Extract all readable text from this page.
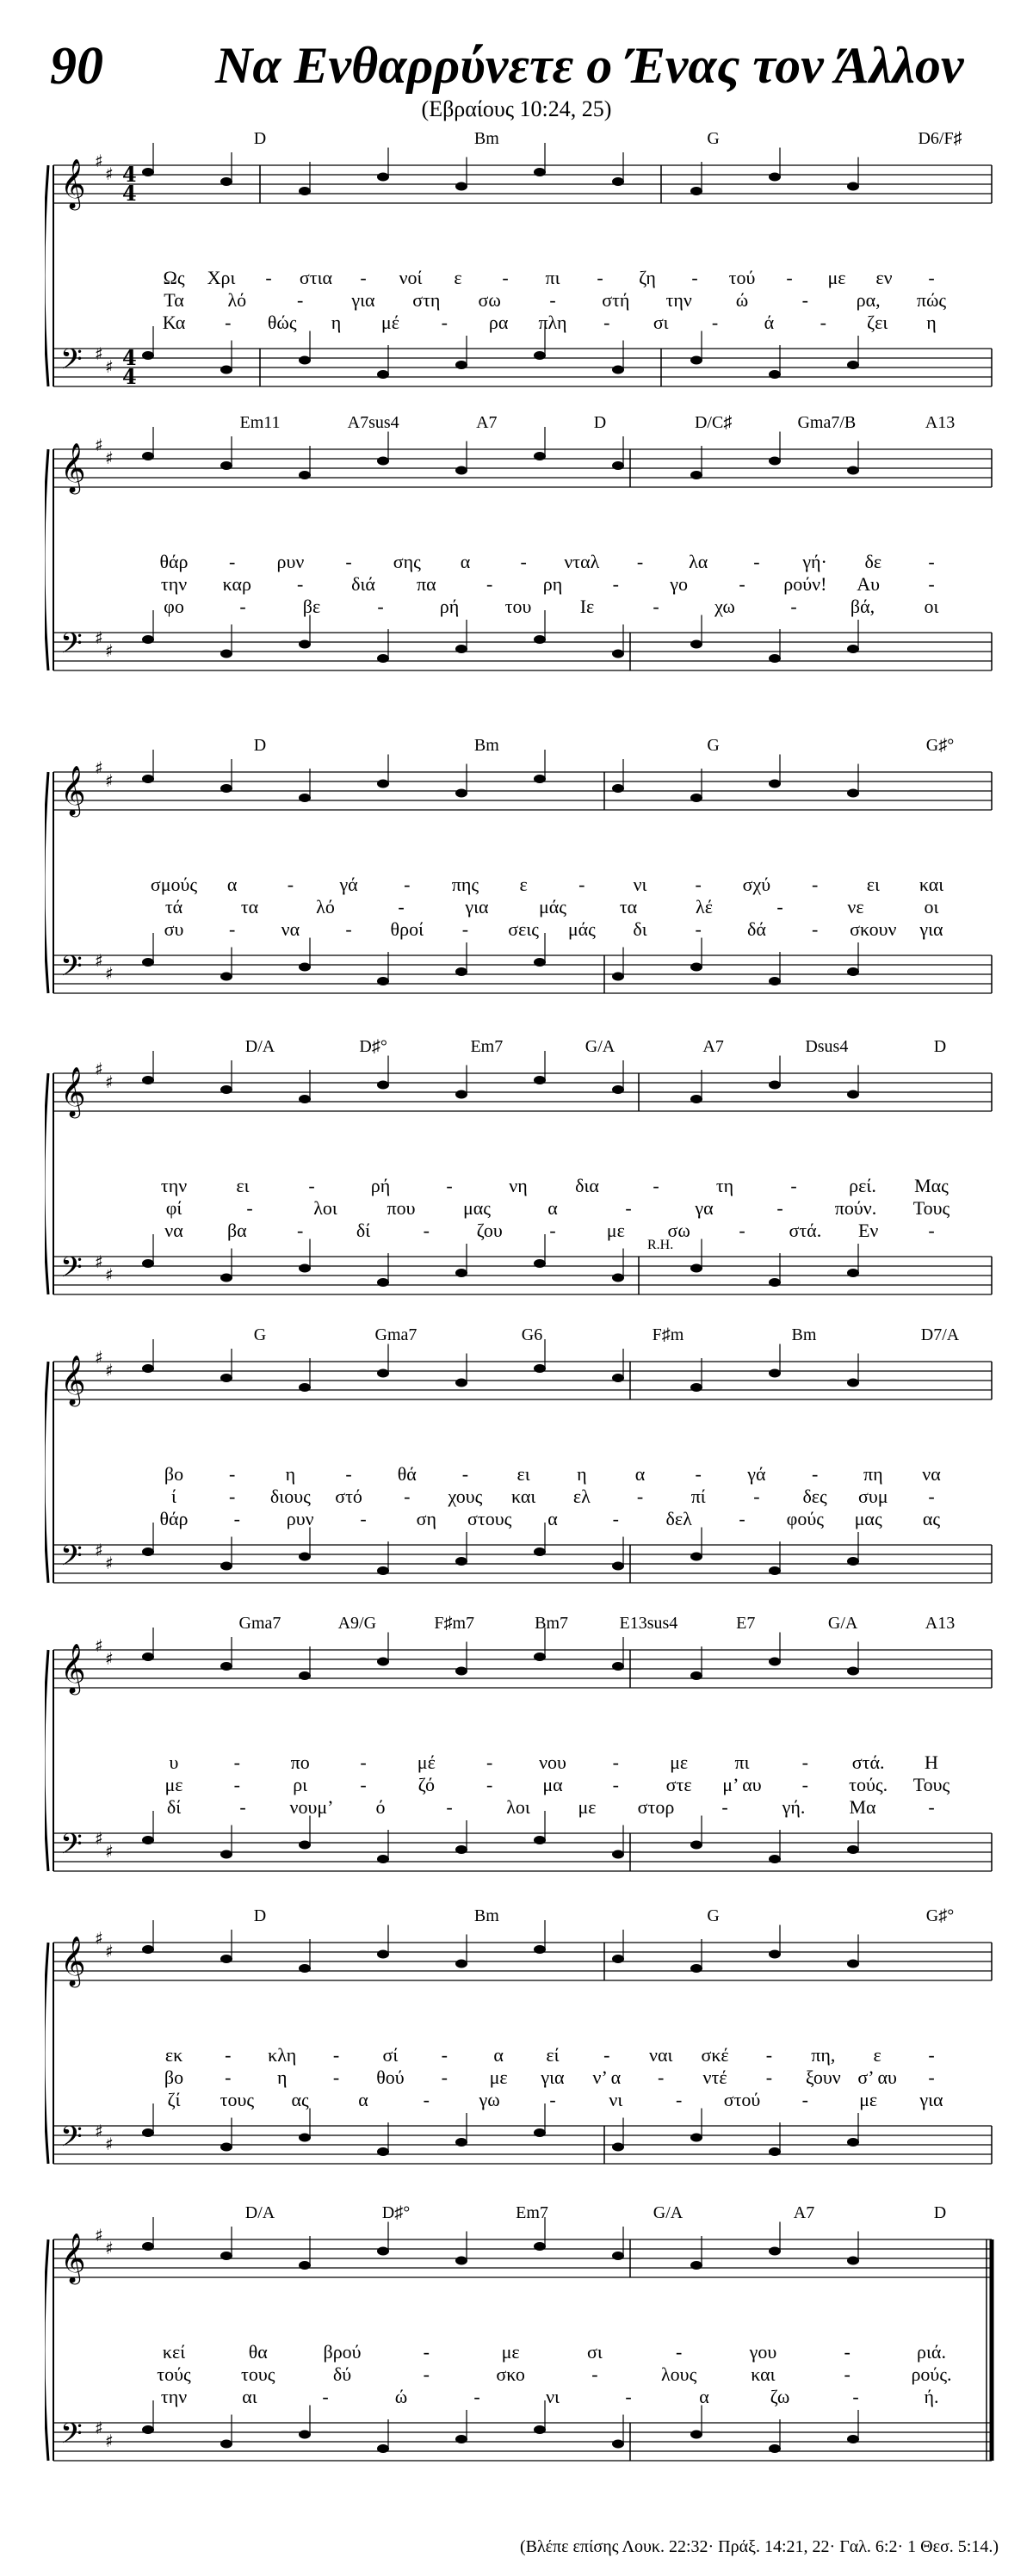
90 Να Ενθαρρύνετε ο Ένας τον Άλλον
(Εβραίους 10:24, 25)
𝄞
𝄢
♯
♯
♯
♯
4
4
4
4
D	Bm	G	D6/F♯
Ως Χρι - στια - νοί ε - πι - ζη - τού - με εν -
Τα λό	-	για στη σω	- στή την ώ	-	ρα, πώς
Κα - θώς η μέ - ρα πλη - σι - ά - ζει η
𝄞
𝄢
♯
♯
♯
♯
Em11	A7sus4	A7	D	D/C♯	Gma7/B	A13
θάρ - ρυν - σης α	- νταλ - λα - γή· δε -
την καρ -	διά πα	-	ρη	-	γο	- ρούν! Αυ	-
φο	-	βε	-	ρή του	Ιε	-	χω	-	βά,	οι
𝄞
𝄢
♯
♯
♯
♯
D	Bm	G	G♯°
σμούς α	- γά - πης ε	-	νι	- σχύ -	ει και
τά	τα	λό	-	για	μάς	τα	λέ	-	νε	οι
συ - να - θροί - σεις μάς δι	- δά - σκουν για
𝄞
𝄢
♯
♯
♯
♯
R.H.
D/A	D♯°	Em7	G/A	A7	Dsus4	D
την	ει	-	ρή	-	νη	δια	-	τη	-	ρεί. Μας
φί	-	λοι	που	μας	α	-	γα	-	πούν. Τους
να βα	-	δί	- ζου -	με σω	- στά. Εν	-
𝄞
𝄢
♯
♯
♯
♯
G	Gma7	G6	F♯m	Bm	D7/A
βο -	η	- θά -	ει η	α	- γά - πη να
ί	- διους στό - χους και ελ -	πί	- δες συμ -
θάρ - ρυν -	ση στους α	- δελ - φούς μας ας
𝄞
𝄢
♯
♯
♯
♯
Gma7	A9/G	F♯m7	Bm7	E13sus4	E7	G/A	A13
υ	-	πο	-	μέ	- νου -	με πι	- στά. Η
με	-	ρι	-	ζό	-	μα	- στε μ’ αυ - τούς. Τους
δί	- νουμ’ ό	-	λοι	με στορ -	γή. Μα	-
𝄞
𝄢
♯
♯
♯
♯
D	Bm	G	G♯°
εκ - κλη - σί - α εί - ναι σκέ - πη, ε -
βο - η - θού - με για ν’ α - ντέ - ξουν σ’ αυ -
ζί τους ας	α	-	γω	-	νι	- στού -	με για
𝄞
𝄢
♯
♯
♯
♯
D/A	D♯°	Em7	G/A	A7	D
κεί	θα	βρού	-	με	σι	-	γου	-	ριά.
τούς	τους	δύ	-	σκο	-	λους	και	-	ρούς.
την	αι	-	ώ	-	νι	-	α	ζω	-	ή.
(Βλέπε επίσης Λουκ. 22:32· Πράξ. 14:21, 22· Γαλ. 6:2· 1 Θεσ. 5:14.)
